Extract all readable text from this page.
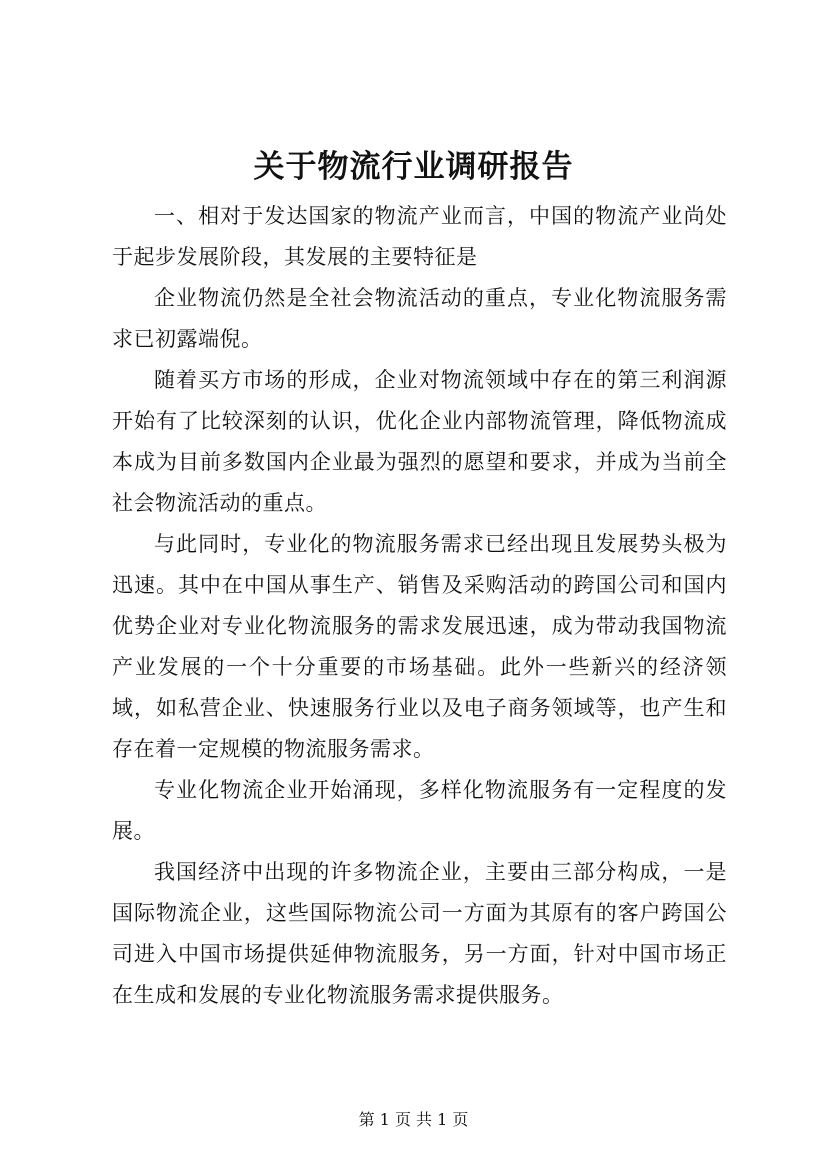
关于物流行业调研报告

一、相对于发达国家的物流产业而言，中国的物流产业尚处于起步发展阶段，其发展的主要特征是

企业物流仍然是全社会物流活动的重点，专业化物流服务需求已初露端倪。

随着买方市场的形成，企业对物流领域中存在的第三利润源开始有了比较深刻的认识，优化企业内部物流管理，降低物流成本成为目前多数国内企业最为强烈的愿望和要求，并成为当前全社会物流活动的重点。

与此同时，专业化的物流服务需求已经出现且发展势头极为迅速。其中在中国从事生产、销售及采购活动的跨国公司和国内优势企业对专业化物流服务的需求发展迅速，成为带动我国物流产业发展的一个十分重要的市场基础。此外一些新兴的经济领域，如私营企业、快速服务行业以及电子商务领域等，也产生和存在着一定规模的物流服务需求。

专业化物流企业开始涌现，多样化物流服务有一定程度的发展。

我国经济中出现的许多物流企业，主要由三部分构成，一是国际物流企业，这些国际物流公司一方面为其原有的客户跨国公司进入中国市场提供延伸物流服务，另一方面，针对中国市场正在生成和发展的专业化物流服务需求提供服务。

第 1 页 共 1 页
